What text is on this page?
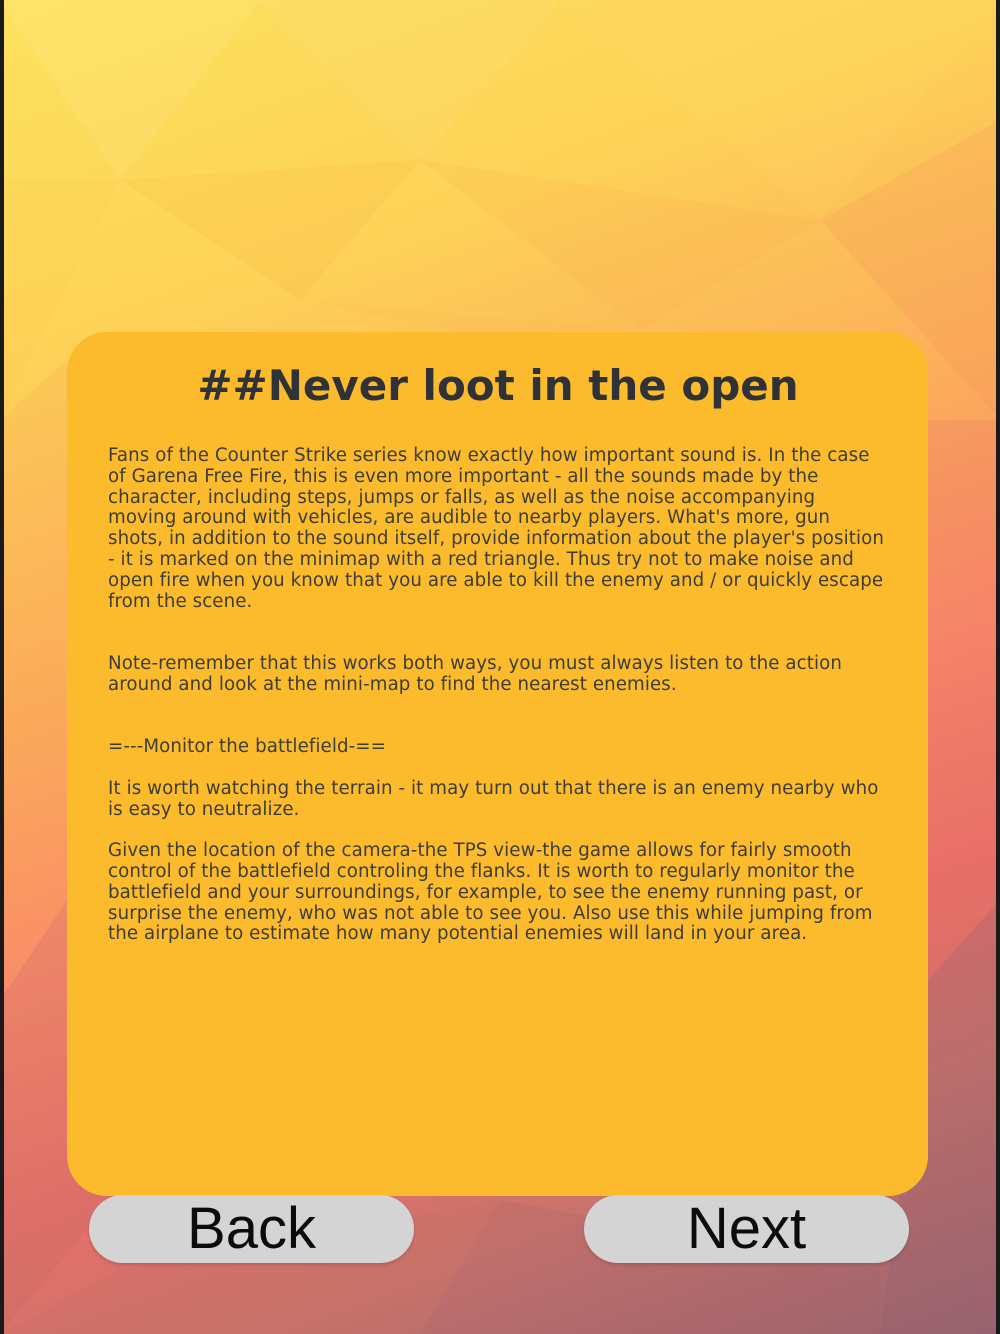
##Never loot in the open
Fans of the Counter Strike series know exactly how important sound is. In the case of Garena Free Fire, this is even more important - all the sounds made by the character, including steps, jumps or falls, as well as the noise accompanying moving around with vehicles, are audible to nearby players. What's more, gun shots, in addition to the sound itself, provide information about the player's position - it is marked on the minimap with a red triangle. Thus try not to make noise and open fire when you know that you are able to kill the enemy and / or quickly escape from the scene.

Note-remember that this works both ways, you must always listen to the action around and look at the mini-map to find the nearest enemies.

=---Monitor the battlefield-==

It is worth watching the terrain - it may turn out that there is an enemy nearby who is easy to neutralize.

Given the location of the camera-the TPS view-the game allows for fairly smooth control of the battlefield controling the flanks. It is worth to regularly monitor the battlefield and your surroundings, for example, to see the enemy running past, or surprise the enemy, who was not able to see you. Also use this while jumping from the airplane to estimate how many potential enemies will land in your area.
Back	Next
